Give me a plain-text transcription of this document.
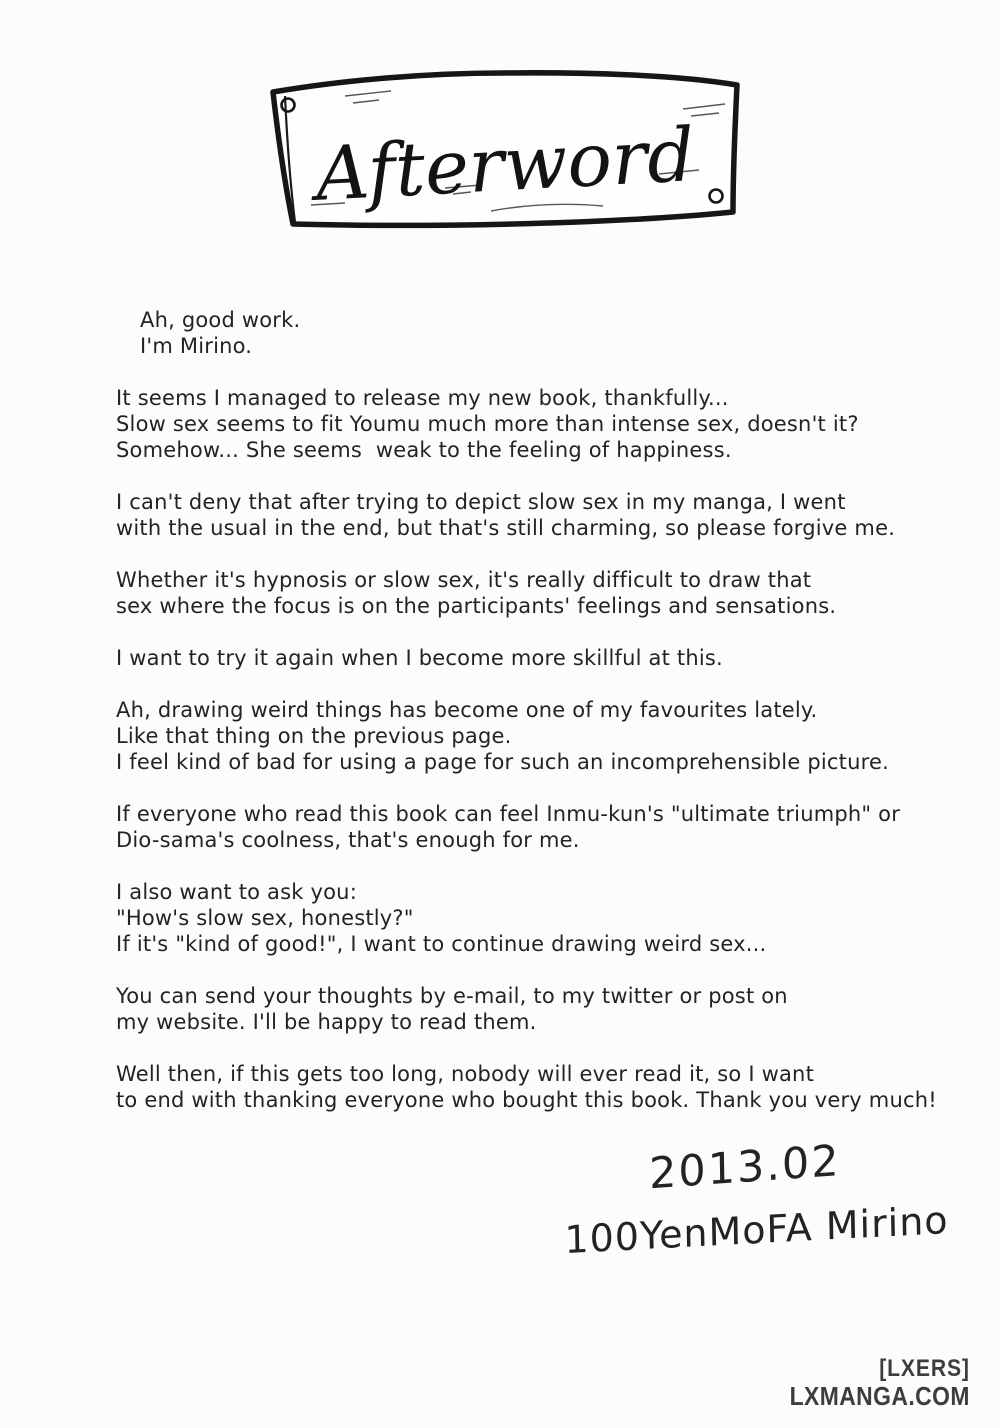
Afterword
Ah, good work.
I'm Mirino.
It seems I managed to release my new book, thankfully...
Slow sex seems to fit Youmu much more than intense sex, doesn't it?
Somehow... She seems  weak to the feeling of happiness.
I can't deny that after trying to depict slow sex in my manga, I went
with the usual in the end, but that's still charming, so please forgive me.
Whether it's hypnosis or slow sex, it's really difficult to draw that
sex where the focus is on the participants' feelings and sensations.
I want to try it again when I become more skillful at this.
Ah, drawing weird things has become one of my favourites lately.
Like that thing on the previous page.
I feel kind of bad for using a page for such an incomprehensible picture.
If everyone who read this book can feel Inmu-kun's "ultimate triumph" or
Dio-sama's coolness, that's enough for me.
I also want to ask you:
"How's slow sex, honestly?"
If it's "kind of good!", I want to continue drawing weird sex...
You can send your thoughts by e-mail, to my twitter or post on
my website. I'll be happy to read them.
Well then, if this gets too long, nobody will ever read it, so I want
to end with thanking everyone who bought this book. Thank you very much!
2013.02
100YenMoFA Mirino
[LXERS]
LXMANGA.COM
